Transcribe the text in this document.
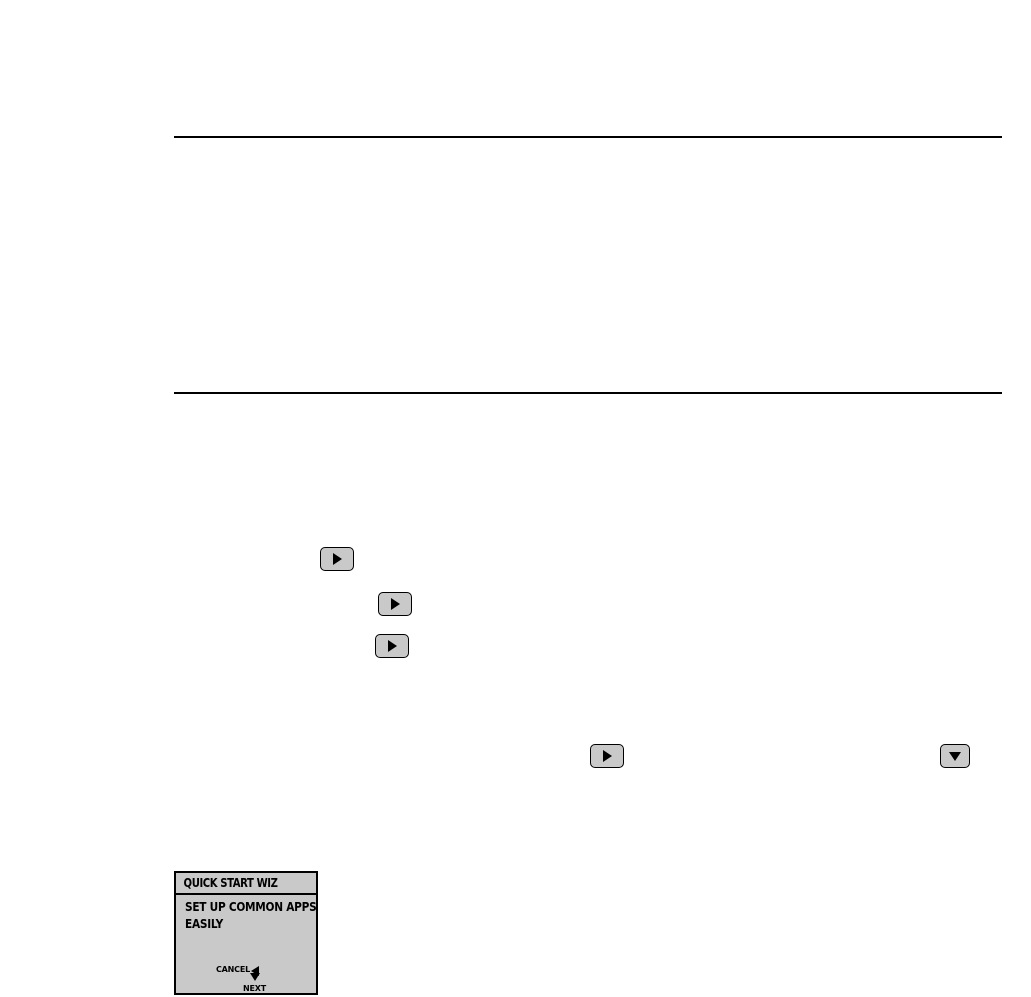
QUICK START WIZ
SET UP COMMON APPS
EASILY
CANCEL
NEXT
